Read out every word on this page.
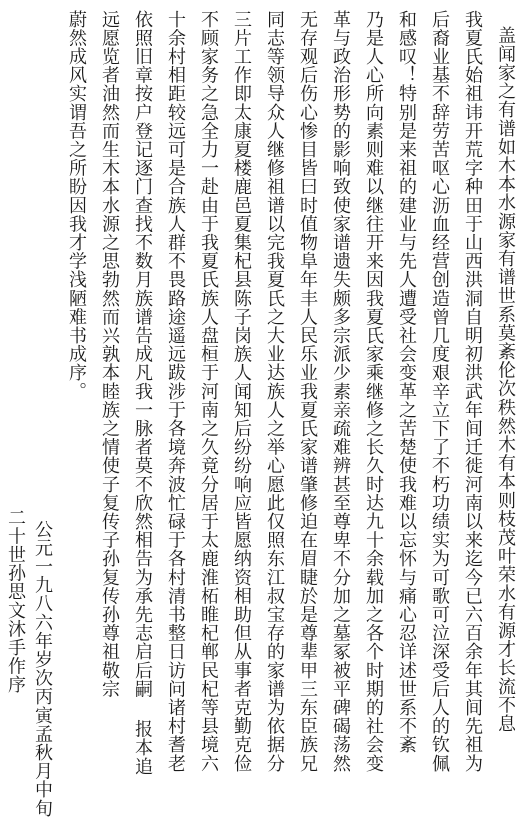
盖闻家之有谱如木本水源家有谱世系莫紊伦次秩然木有本则枝茂叶荣水有源才长流不息
我夏氏始祖讳开荒字种田于山西洪洞自明初洪武年间迁徙河南以来迄今已六百余年其间先祖为
后裔业基不辞劳苦呕心沥血经营创造曾几度艰辛立下了不朽功绩实为可歌可泣深受后人的钦佩
和感叹！特别是来祖的建业与先人遭受社会变革之苦楚使我难以忘怀与痛心忍详述世系不紊
乃是人心所向素则难以继往开来因我夏氏家乘继修之长久时达九十余载加之各个时期的社会变
革与政治形势的影响致使家谱遗失颇多宗派少素亲疏难辨甚至尊卑不分加之墓冢被平碑碣荡然
无存观后伤心惨目皆曰时值物阜年丰人民乐业我夏氏家谱肇修迫在眉睫於是尊辈甲三东臣族兄
同志等领导众人继修祖谱以完我夏氏之大业达族人之举心愿此仅照东江叔宝存的家谱为依据分
三片工作即太康夏楼鹿邑夏集杞县陈子岗族人闻知后纷纷响应皆愿纳资相助但从事者克勤克俭
不顾家务之急全力一赴由于我夏氏族人盘桓于河南之久竟分居于太鹿淮柘睢杞郸民杞等县境六
十余村相距较远可是合族人群不畏路途遥远跋涉于各境奔波忙碌于各村清书整日访问诸村耆老
依照旧章按户登记逐门查找不数月族谱告成凡我一脉者莫不欣然相告为承先志启后嗣 报本追
远愿览者油然而生木本水源之思勃然而兴孰本睦族之情使子复传子孙复传孙尊祖敬宗
蔚然成风实谓吾之所盼因我才学浅陋难书成序。
公元一九八六年岁次丙寅孟秋月中旬
二十世孙思文沐手作序
